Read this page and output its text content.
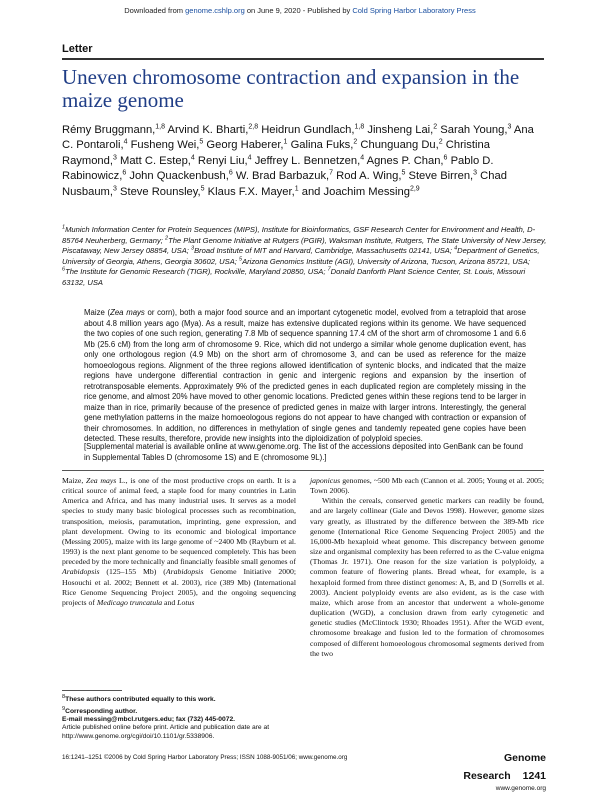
Downloaded from genome.cshlp.org on June 9, 2020 - Published by Cold Spring Harbor Laboratory Press
Letter
Uneven chromosome contraction and expansion in the maize genome
Rémy Bruggmann,$^{1,8}$ Arvind K. Bharti,$^{2,8}$ Heidrun Gundlach,$^{1,8}$ Jinsheng Lai,$^2$ Sarah Young,$^3$ Ana C. Pontaroli,$^4$ Fusheng Wei,$^5$ Georg Haberer,$^1$ Galina Fuks,$^2$ Chunguang Du,$^2$ Christina Raymond,$^3$ Matt C. Estep,$^4$ Renyi Liu,$^4$ Jeffrey L. Bennetzen,$^4$ Agnes P. Chan,$^6$ Pablo D. Rabinowicz,$^6$ John Quackenbush,$^6$ W. Brad Barbazuk,$^7$ Rod A. Wing,$^5$ Steve Birren,$^3$ Chad Nusbaum,$^3$ Steve Rounsley,$^5$ Klaus F.X. Mayer,$^1$ and Joachim Messing$^{2,9}$
$^1$Munich Information Center for Protein Sequences (MIPS), Institute for Bioinformatics, GSF Research Center for Environment and Health, D-85764 Neuherberg, Germany; $^2$The Plant Genome Initiative at Rutgers (PGIR), Waksman Institute, Rutgers, The State University of New Jersey, Piscataway, New Jersey 08854, USA; $^3$Broad Institute of MIT and Harvard, Cambridge, Massachusetts 02141, USA; $^4$Department of Genetics, University of Georgia, Athens, Georgia 30602, USA; $^5$Arizona Genomics Institute (AGI), University of Arizona, Tucson, Arizona 85721, USA; $^6$The Institute for Genomic Research (TIGR), Rockville, Maryland 20850, USA; $^7$Donald Danforth Plant Science Center, St. Louis, Missouri 63132, USA
Maize (Zea mays or corn), both a major food source and an important cytogenetic model, evolved from a tetraploid that arose about 4.8 million years ago (Mya). As a result, maize has extensive duplicated regions within its genome. We have sequenced the two copies of one such region, generating 7.8 Mb of sequence spanning 17.4 cM of the short arm of chromosome 1 and 6.6 Mb (25.6 cM) from the long arm of chromosome 9. Rice, which did not undergo a similar whole genome duplication event, has only one orthologous region (4.9 Mb) on the short arm of chromosome 3, and can be used as reference for the maize homoeologous regions. Alignment of the three regions allowed identification of syntenic blocks, and indicated that the maize regions have undergone differential contraction in genic and intergenic regions and expansion by the insertion of retrotransposable elements. Approximately 9% of the predicted genes in each duplicated region are completely missing in the rice genome, and almost 20% have moved to other genomic locations. Predicted genes within these regions tend to be larger in maize than in rice, primarily because of the presence of predicted genes in maize with larger introns. Interestingly, the general gene methylation patterns in the maize homoeologous regions do not appear to have changed with contraction or expansion of their chromosomes. In addition, no differences in methylation of single genes and tandemly repeated gene copies have been detected. These results, therefore, provide new insights into the diploidization of polyploid species.
[Supplemental material is available online at www.genome.org. The list of the accessions deposited into GenBank can be found in Supplemental Tables D (chromosome 1S) and E (chromosome 9L).]
Maize, Zea mays L., is one of the most productive crops on earth. It is a critical source of animal feed, a staple food for many countries in Latin America and Africa, and has many industrial uses. It serves as a model species to study many basic biological processes such as recombination, transposition, meiosis, paramutation, imprinting, gene expression, and plant development. Owing to its economic and biological importance (Messing 2005), maize with its large genome of ~2400 Mb (Rayburn et al. 1993) is the next plant genome to be sequenced completely. This has been preceded by the more technically and financially feasible small genomes of Arabidopsis (125–155 Mb) (Arabidopsis Genome Initiative 2000; Hosouchi et al. 2002; Bennett et al. 2003), rice (389 Mb) (International Rice Genome Sequencing Project 2005), and the ongoing sequencing projects of Medicago truncatula and Lotus
japonicus genomes, ~500 Mb each (Cannon et al. 2005; Young et al. 2005; Town 2006).
Within the cereals, conserved genetic markers can readily be found, and are largely collinear (Gale and Devos 1998). However, genome sizes vary greatly, as illustrated by the difference between the 389-Mb rice genome (International Rice Genome Sequencing Project 2005) and the 16,000-Mb hexaploid wheat genome. This discrepancy between genome size and organismal complexity has been referred to as the C-value enigma (Thomas Jr. 1971). One reason for the size variation is polyploidy, a common feature of flowering plants. Bread wheat, for example, is a hexaploid formed from three distinct genomes: A, B, and D (Sorrells et al. 2003). Ancient polyploidy events are also evident, as is the case with maize, which arose from an ancestor that underwent a whole-genome duplication (WGD), a conclusion drawn from early cytogenetic and genetic studies (McClintock 1930; Rhoades 1951). After the WGD event, chromosome breakage and fusion led to the formation of chromosomes composed of different homoeologous chromosomal segments derived from the two
$^8$These authors contributed equally to this work.
$^9$Corresponding author.
E-mail messing@mbcl.rutgers.edu; fax (732) 445-0072.
Article published online before print. Article and publication date are at http://www.genome.org/cgi/doi/10.1101/gr.5338906.
16:1241–1251 ©2006 by Cold Spring Harbor Laboratory Press; ISSN 1088-9051/06; www.genome.org	Genome Research 1241
www.genome.org
